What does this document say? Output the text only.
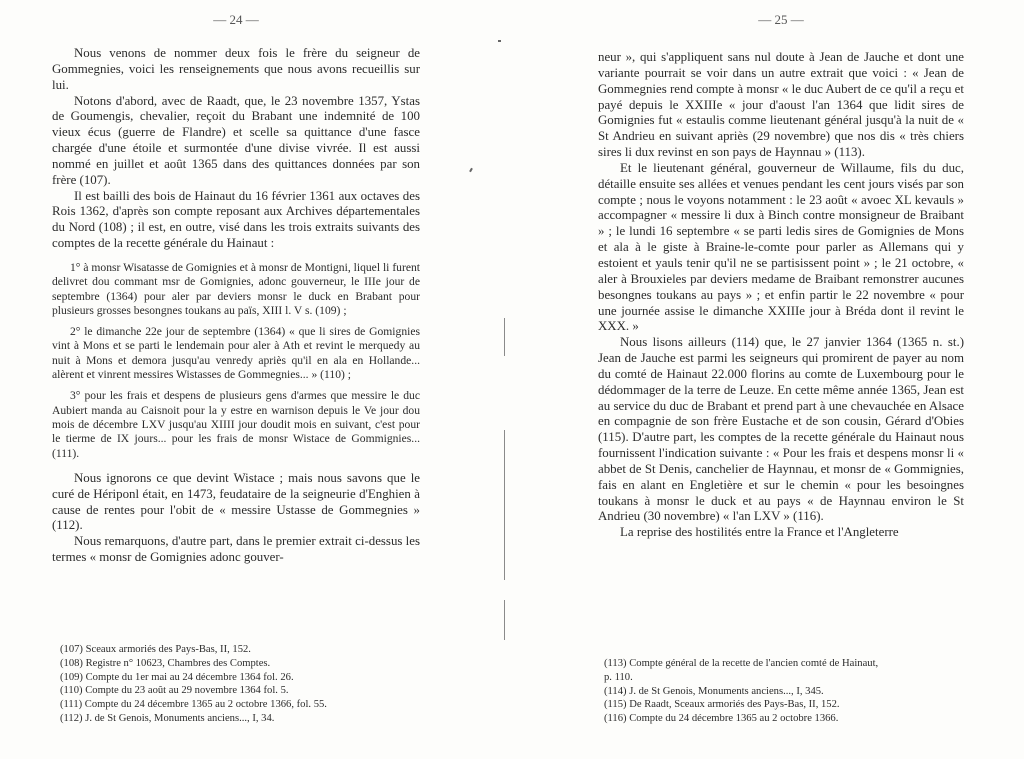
— 24 —

Nous venons de nommer deux fois le frère du seigneur de Gommegnies, voici les renseignements que nous avons recueillis sur lui.

Notons d'abord, avec de Raadt, que, le 23 novembre 1357, Ystas de Goumengis, chevalier, reçoit du Brabant une indemnité de 100 vieux écus (guerre de Flandre) et scelle sa quittance d'une fasce chargée d'une étoile et surmontée d'une divise vivrée. Il est aussi nommé en juillet et août 1365 dans des quittances données par son frère (107).

Il est bailli des bois de Hainaut du 16 février 1361 aux octaves des Rois 1362, d'après son compte reposant aux Archives départementales du Nord (108) ; il est, en outre, visé dans les trois extraits suivants des comptes de la recette générale du Hainaut :

1° à monsr Wisatasse de Gomignies et à monsr de Montigni, liquel li furent delivret dou commant msr de Gomignies, adonc gouverneur, le IIIe jour de septembre (1364) pour aler par deviers monsr le duck en Brabant pour plusieurs grosses besongnes toukans au païs, XIII l. V s. (109) ;

2° le dimanche 22e jour de septembre (1364) « que li sires de Gomignies vint à Mons et se parti le lendemain pour aler à Ath et revint le merquedy au nuit à Mons et demora jusqu'au venredy apriès qu'il en ala en Hollande... alèrent et vinrent messires Wistasses de Gommegnies... » (110) ;

3° pour les frais et despens de plusieurs gens d'armes que messire le duc Aubiert manda au Caisnoit pour la y estre en warnison depuis le Ve jour dou mois de décembre LXV jusqu'au XIIII jour doudit mois en suivant, c'est pour le tierme de IX jours... pour les frais de monsr Wistace de Gommignies... (111).

Nous ignorons ce que devint Wistace ; mais nous savons que le curé de Hériponl était, en 1473, feudataire de la seigneurie d'Enghien à cause de rentes pour l'obit de « messire Ustasse de Gommegnies » (112).

Nous remarquons, d'autre part, dans le premier extrait ci-dessus les termes « monsr de Gomignies adonc gouver-

(107) Sceaux armoriés des Pays-Bas, II, 152.
(108) Registre n° 10623, Chambres des Comptes.
(109) Compte du 1er mai au 24 décembre 1364 fol. 26.
(110) Compte du 23 août au 29 novembre 1364 fol. 5.
(111) Compte du 24 décembre 1365 au 2 octobre 1366, fol. 55.
(112) J. de St Genois, Monuments anciens..., I, 34.
— 25 —

neur », qui s'appliquent sans nul doute à Jean de Jauche et dont une variante pourrait se voir dans un autre extrait que voici : « Jean de Gommegnies rend compte à monsr « le duc Aubert de ce qu'il a reçu et payé depuis le XXIIIe « jour d'aoust l'an 1364 que lidit sires de Gomignies fut « estaulis comme lieutenant général jusqu'à la nuit de « St Andrieu en suivant apriès (29 novembre) que nos dis « très chiers sires li dux revinst en son pays de Haynnau » (113).

Et le lieutenant général, gouverneur de Willaume, fils du duc, détaille ensuite ses allées et venues pendant les cent jours visés par son compte ; nous le voyons notamment : le 23 août « avoec XL kevauls » accompagner « messire li dux à Binch contre monsigneur de Braibant » ; le lundi 16 septembre « se parti ledis sires de Gomignies de Mons et ala à le giste à Braine-le-comte pour parler as Allemans qui y estoient et yauls tenir qu'il ne se partisissent point » ; le 21 octobre, « aler à Brouxieles par deviers medame de Braibant remonstrer aucunes besongnes toukans au pays » ; et enfin partir le 22 novembre « pour une journée assise le dimanche XXIIIe jour à Bréda dont il revint le XXX. »

Nous lisons ailleurs (114) que, le 27 janvier 1364 (1365 n. st.) Jean de Jauche est parmi les seigneurs qui promirent de payer au nom du comté de Hainaut 22.000 florins au comte de Luxembourg pour le dédommager de la terre de Leuze. En cette même année 1365, Jean est au service du duc de Brabant et prend part à une chevauchée en Alsace en compagnie de son frère Eustache et de son cousin, Gérard d'Obies (115). D'autre part, les comptes de la recette générale du Hainaut nous fournissent l'indication suivante : « Pour les frais et despens monsr li « abbet de St Denis, canchelier de Haynnau, et monsr de « Gommignies, fais en alant en Engletière et sur le chemin « pour les besoingnes toukans à monsr le duck et au pays « de Haynnau environ le St Andrieu (30 novembre) « l'an LXV » (116).

La reprise des hostilités entre la France et l'Angleterre

(113) Compte général de la recette de l'ancien comté de Hainaut,
p. 110.
(114) J. de St Genois, Monuments anciens..., I, 345.
(115) De Raadt, Sceaux armoriés des Pays-Bas, II, 152.
(116) Compte du 24 décembre 1365 au 2 octobre 1366.
